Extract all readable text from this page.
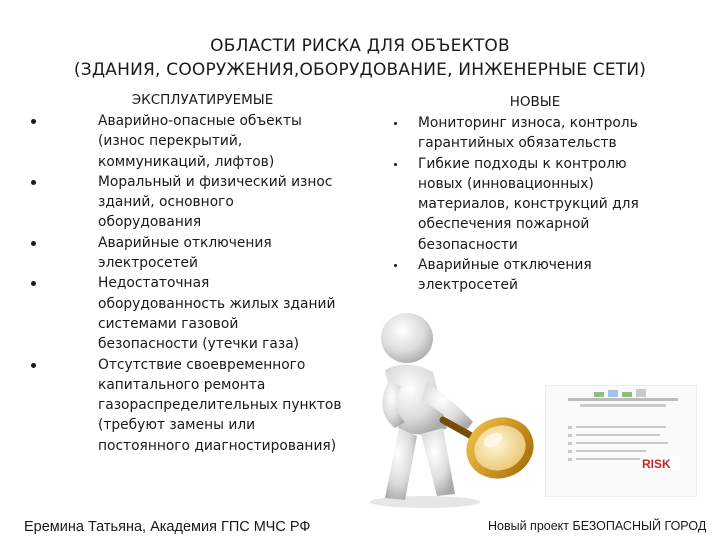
ОБЛАСТИ РИСКА ДЛЯ ОБЪЕКТОВ
(ЗДАНИЯ, СООРУЖЕНИЯ,ОБОРУДОВАНИЕ, ИНЖЕНЕРНЫЕ СЕТИ)
ЭКСПЛУАТИРУЕМЫЕ	НОВЫЕ
Аварийно-опасные объекты
(износ перекрытий,
коммуникаций, лифтов)
Моральный и физический износ
зданий, основного
оборудования
Аварийные отключения
электросетей
Недостаточная
оборудованность жилых зданий
системами газовой
безопасности (утечки газа)
Отсутствие своевременного
капитального ремонта
газораспределительных пунктов
(требуют замены или
постоянного диагностирования)
Мониторинг износа, контроль
гарантийных обязательств
Гибкие подходы к контролю
новых (инновационных)
материалов, конструкций для
обеспечения пожарной
безопасности
Аварийные отключения
электросетей
RISK
Еремина Татьяна, Академия ГПС МЧС РФ	Новый проект БЕЗОПАСНЫЙ ГОРОД
